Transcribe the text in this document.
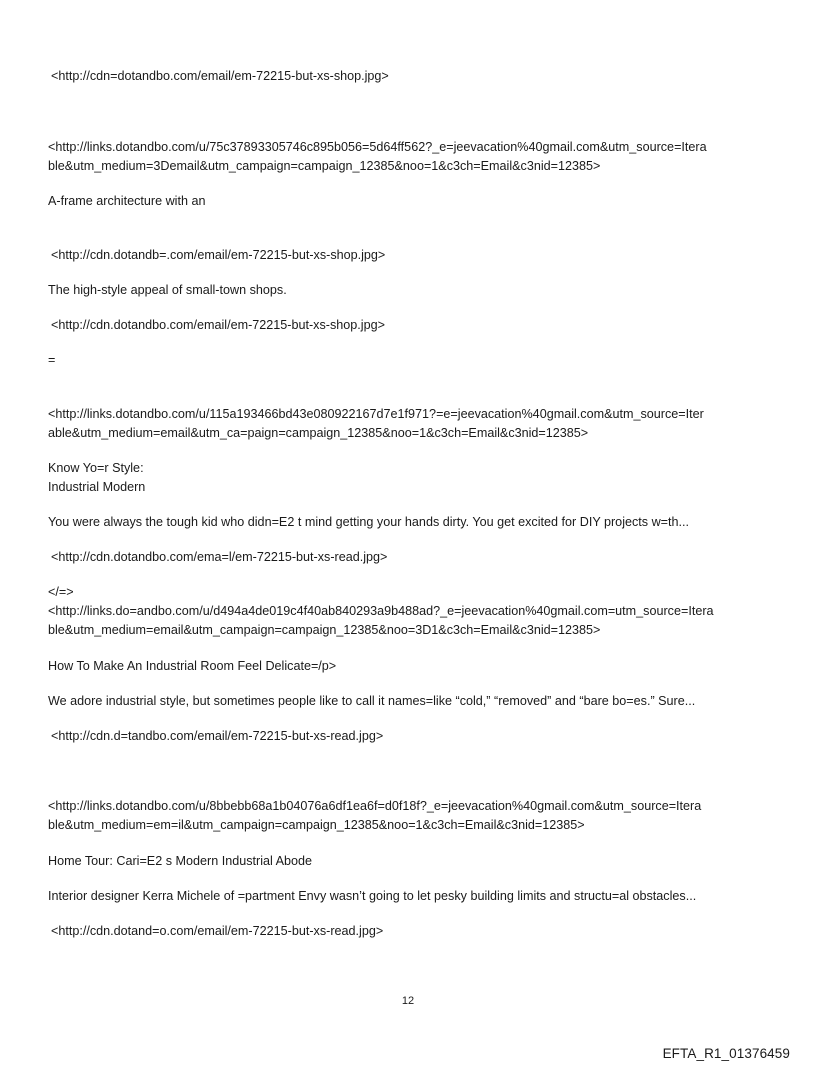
<http://cdn=dotandbo.com/email/em-72215-but-xs-shop.jpg>
<http://links.dotandbo.com/u/75c37893305746c895b056=5d64ff562?_e=jeevacation%40gmail.com&utm_source=Itera
ble&utm_medium=3Demail&utm_campaign=campaign_12385&noo=1&c3ch=Email&c3nid=12385>
A-frame architecture with an
<http://cdn.dotandb=.com/email/em-72215-but-xs-shop.jpg>
The high-style appeal of small-town shops.
<http://cdn.dotandbo.com/email/em-72215-but-xs-shop.jpg>
=
<http://links.dotandbo.com/u/115a193466bd43e080922167d7e1f971?=e=jeevacation%40gmail.com&utm_source=Iter
able&utm_medium=email&utm_ca=paign=campaign_12385&noo=1&c3ch=Email&c3nid=12385>
Know Yo=r Style:
Industrial Modern
You were always the tough kid who didn=E2 t mind getting your hands dirty. You get excited for DIY projects w=th...
<http://cdn.dotandbo.com/ema=l/em-72215-but-xs-read.jpg>
</=>
<http://links.do=andbo.com/u/d494a4de019c4f40ab840293a9b488ad?_e=jeevacation%40gmail.com=utm_source=Itera
ble&utm_medium=email&utm_campaign=campaign_12385&noo=3D1&c3ch=Email&c3nid=12385>
How To Make An Industrial Room Feel Delicate=/p>
We adore industrial style, but sometimes people like to call it names=like “cold,” “removed” and “bare bo=es.” Sure...
<http://cdn.d=tandbo.com/email/em-72215-but-xs-read.jpg>
<http://links.dotandbo.com/u/8bbebb68a1b04076a6df1ea6f=d0f18f?_e=jeevacation%40gmail.com&utm_source=Itera
ble&utm_medium=em=il&utm_campaign=campaign_12385&noo=1&c3ch=Email&c3nid=12385>
Home Tour: Cari=E2 s Modern Industrial Abode
Interior designer Kerra Michele of =partment Envy wasn’t going to let pesky building limits and structu=al obstacles...
<http://cdn.dotand=o.com/email/em-72215-but-xs-read.jpg>
12
EFTA_R1_01376459
